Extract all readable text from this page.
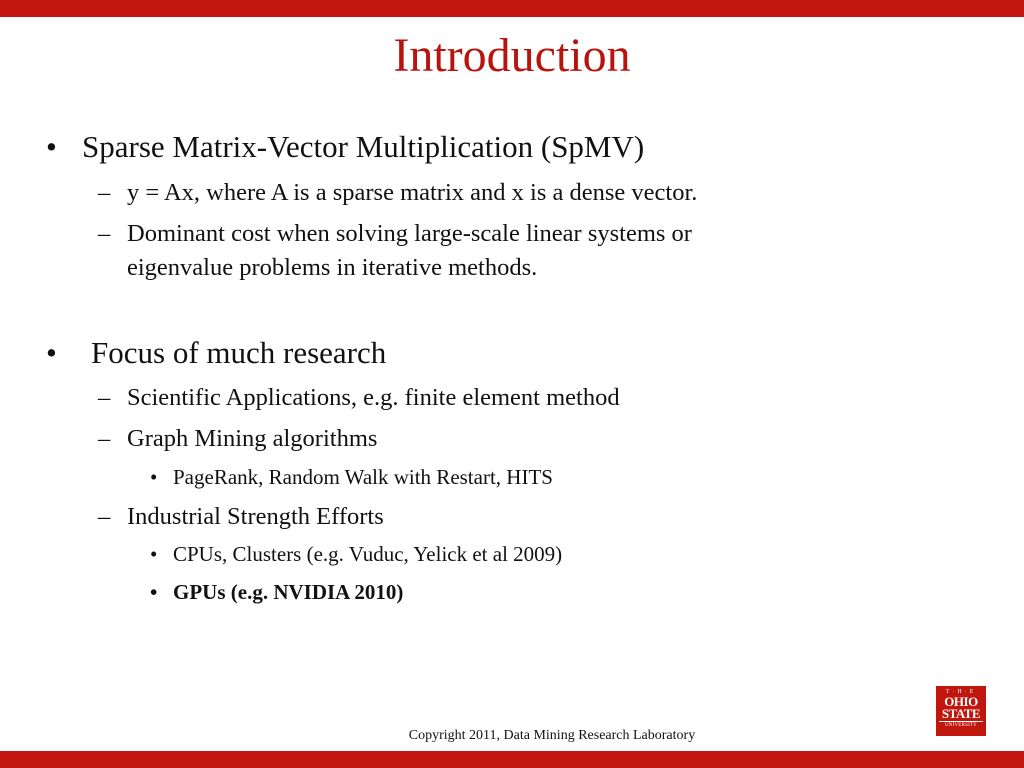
Introduction
• Sparse Matrix-Vector Multiplication (SpMV)
– y = Ax, where A is a sparse matrix and x is a dense vector.
– Dominant cost when solving large-scale linear systems or
eigenvalue problems in iterative methods.
• Focus of much research
– Scientific Applications, e.g. finite element method
– Graph Mining algorithms
• PageRank, Random Walk with Restart, HITS
– Industrial Strength Efforts
• CPUs, Clusters (e.g. Vuduc, Yelick et al 2009)
• GPUs (e.g. NVIDIA 2010)
T·H·E
OHIO
STATE
UNIVERSITY
Copyright 2011, Data Mining Research Laboratory
